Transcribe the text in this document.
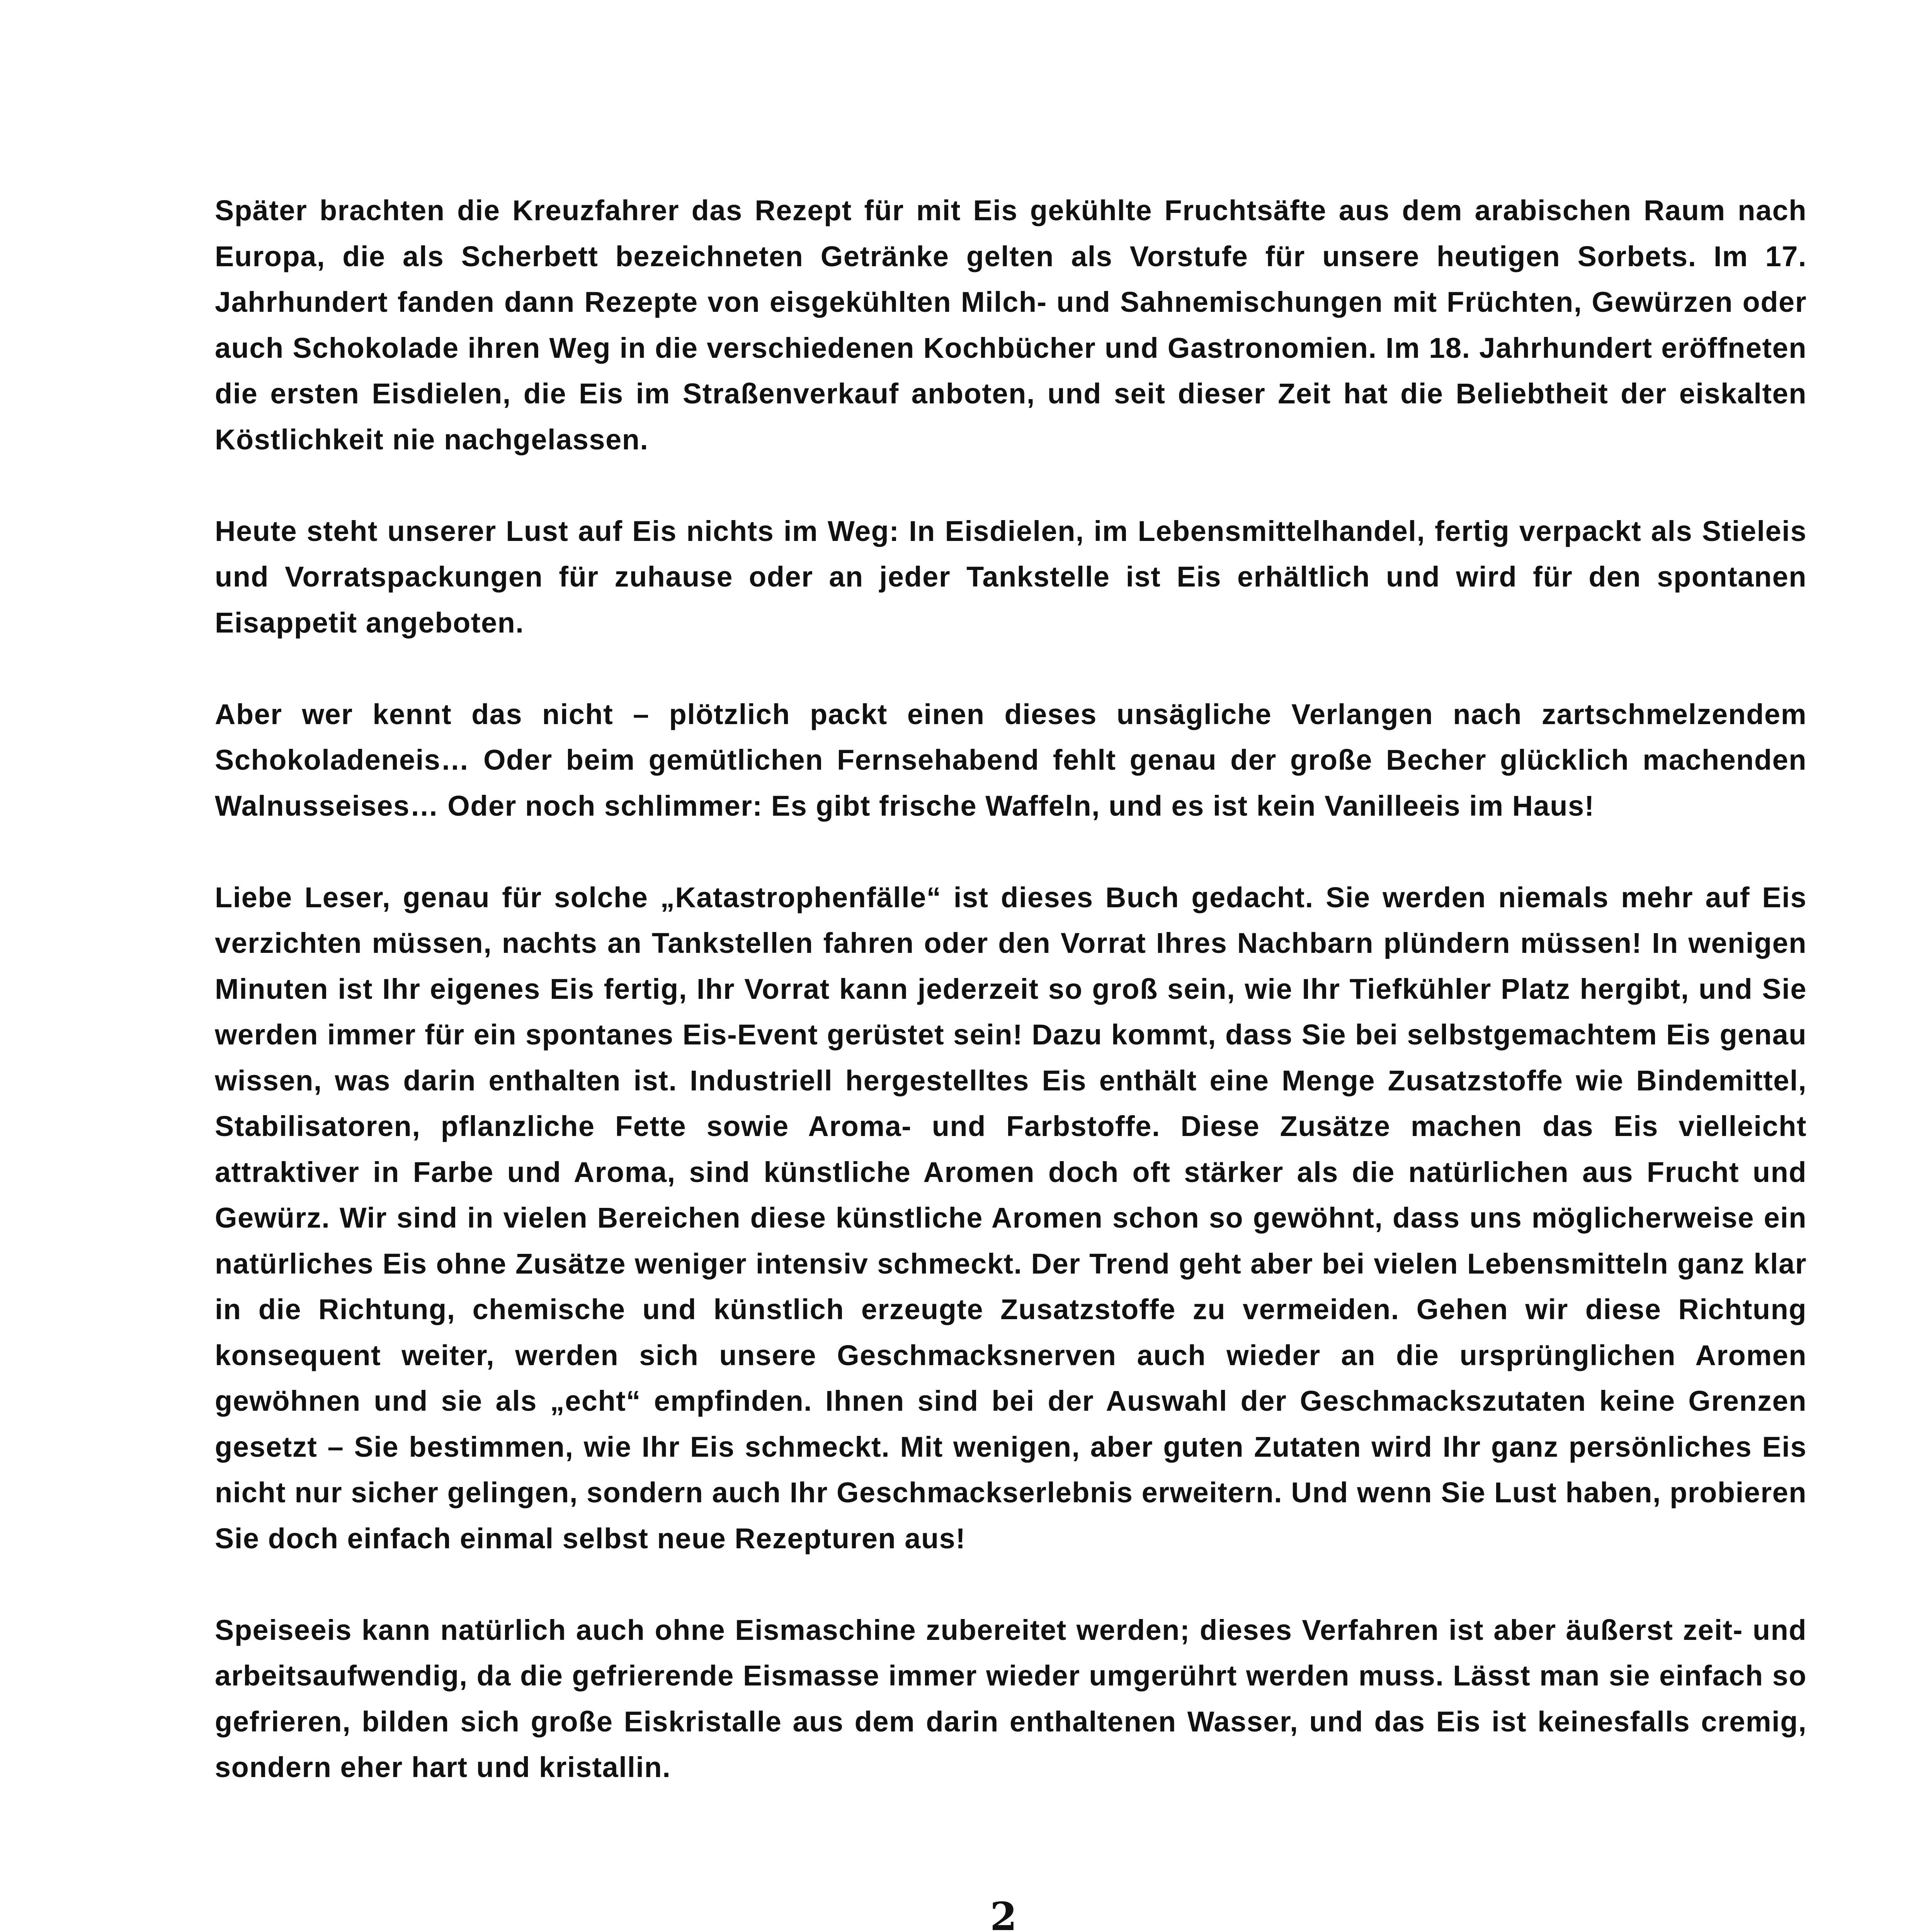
Später brachten die Kreuzfahrer das Rezept für mit Eis gekühlte Fruchtsäfte aus dem arabischen Raum nach Europa, die als Scherbett bezeichneten Getränke gelten als Vorstufe für unsere heutigen Sorbets. Im 17. Jahrhundert fanden dann Rezepte von eisgekühlten Milch- und Sahnemischungen mit Früchten, Gewürzen oder auch Schokolade ihren Weg in die verschiedenen Kochbücher und Gastronomien. Im 18. Jahrhundert eröffneten die ersten Eisdielen, die Eis im Straßenverkauf anboten, und seit dieser Zeit hat die Beliebtheit der eiskalten Köstlichkeit nie nachgelassen.

Heute steht unserer Lust auf Eis nichts im Weg: In Eisdielen, im Lebensmittelhandel, fertig verpackt als Stieleis und Vorratspackungen für zuhause oder an jeder Tankstelle ist Eis erhältlich und wird für den spontanen Eisappetit angeboten.

Aber wer kennt das nicht – plötzlich packt einen dieses unsägliche Verlangen nach zartschmelzendem Schokoladeneis… Oder beim gemütlichen Fernsehabend fehlt genau der große Becher glücklich machenden Walnusseises… Oder noch schlimmer: Es gibt frische Waffeln, und es ist kein Vanilleeis im Haus!

Liebe Leser, genau für solche „Katastrophenfälle“ ist dieses Buch gedacht. Sie werden niemals mehr auf Eis verzichten müssen, nachts an Tankstellen fahren oder den Vorrat Ihres Nachbarn plündern müssen! In wenigen Minuten ist Ihr eigenes Eis fertig, Ihr Vorrat kann jederzeit so groß sein, wie Ihr Tiefkühler Platz hergibt, und Sie werden immer für ein spontanes Eis-Event gerüstet sein! Dazu kommt, dass Sie bei selbstgemachtem Eis genau wissen, was darin enthalten ist. Industriell hergestelltes Eis enthält eine Menge Zusatzstoffe wie Bindemittel, Stabilisatoren, pflanzliche Fette sowie Aroma- und Farbstoffe. Diese Zusätze machen das Eis vielleicht attraktiver in Farbe und Aroma, sind künstliche Aromen doch oft stärker als die natürlichen aus Frucht und Gewürz. Wir sind in vielen Bereichen diese künstliche Aromen schon so gewöhnt, dass uns möglicherweise ein natürliches Eis ohne Zusätze weniger intensiv schmeckt. Der Trend geht aber bei vielen Lebensmitteln ganz klar in die Richtung, chemische und künstlich erzeugte Zusatzstoffe zu vermeiden. Gehen wir diese Richtung konsequent weiter, werden sich unsere Geschmacksnerven auch wieder an die ursprünglichen Aromen gewöhnen und sie als „echt“ empfinden. Ihnen sind bei der Auswahl der Geschmackszutaten keine Grenzen gesetzt – Sie bestimmen, wie Ihr Eis schmeckt. Mit wenigen, aber guten Zutaten wird Ihr ganz persönliches Eis nicht nur sicher gelingen, sondern auch Ihr Geschmackserlebnis erweitern. Und wenn Sie Lust haben, probieren Sie doch einfach einmal selbst neue Rezepturen aus!

Speiseeis kann natürlich auch ohne Eismaschine zubereitet werden; dieses Verfahren ist aber äußerst zeit- und arbeitsaufwendig, da die gefrierende Eismasse immer wieder umgerührt werden muss. Lässt man sie einfach so gefrieren, bilden sich große Eiskristalle aus dem darin enthaltenen Wasser, und das Eis ist keinesfalls cremig, sondern eher hart und kristallin.

2
